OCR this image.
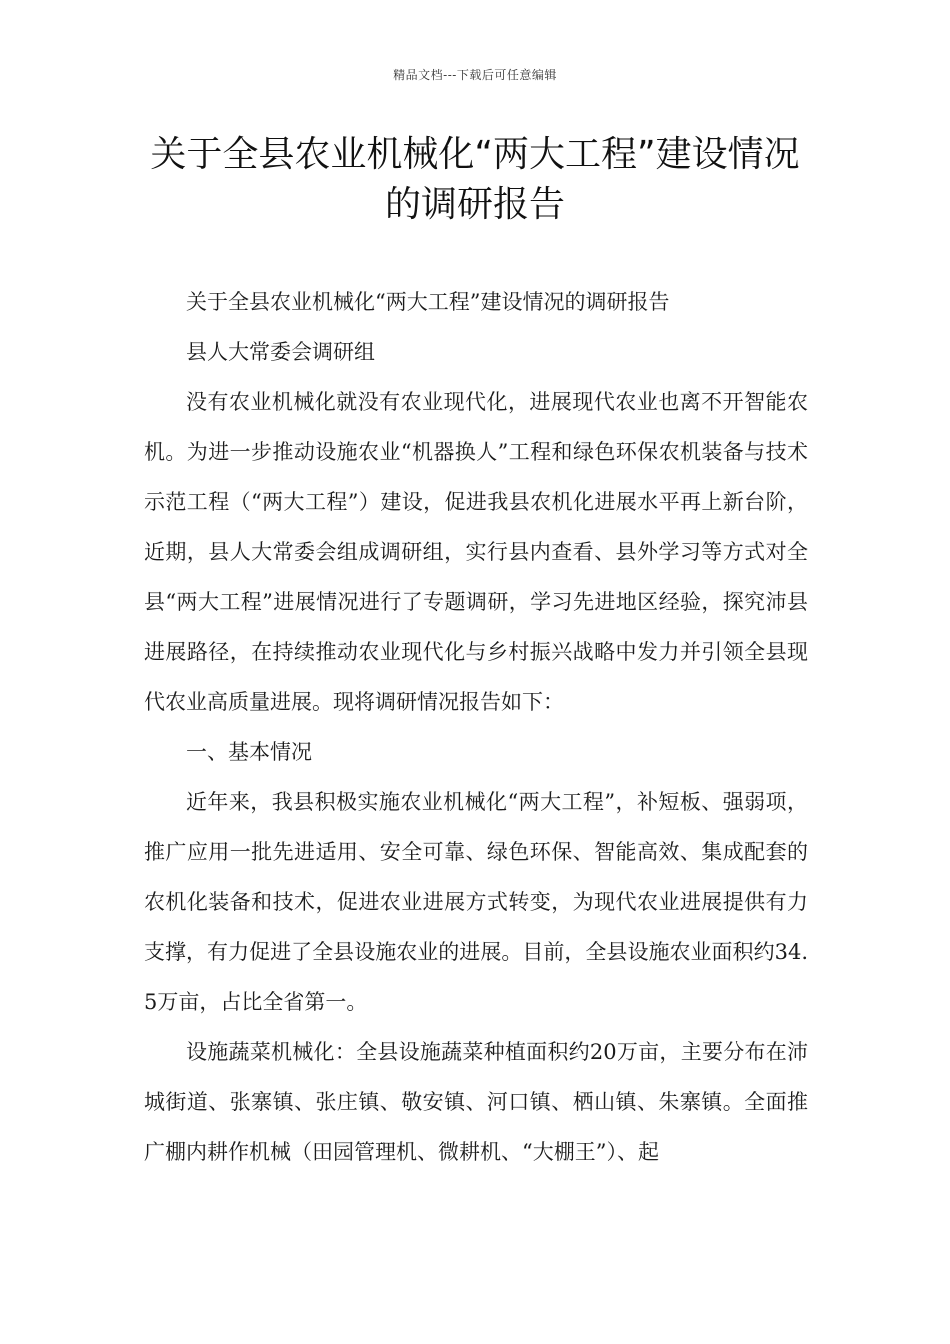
精品文档---下载后可任意编辑
关于全县农业机械化“两大工程”建设情况的调研报告

关于全县农业机械化“两大工程”建设情况的调研报告

县人大常委会调研组

没有农业机械化就没有农业现代化，进展现代农业也离不开智能农机。为进一步推动设施农业“机器换人”工程和绿色环保农机装备与技术示范工程（“两大工程”）建设，促进我县农机化进展水平再上新台阶，近期，县人大常委会组成调研组，实行县内查看、县外学习等方式对全县“两大工程”进展情况进行了专题调研，学习先进地区经验，探究沛县进展路径，在持续推动农业现代化与乡村振兴战略中发力并引领全县现代农业高质量进展。现将调研情况报告如下：

一、基本情况

近年来，我县积极实施农业机械化“两大工程”，补短板、强弱项，推广应用一批先进适用、安全可靠、绿色环保、智能高效、集成配套的农机化装备和技术，促进农业进展方式转变，为现代农业进展提供有力支撑，有力促进了全县设施农业的进展。目前，全县设施农业面积约34.5万亩，占比全省第一。

设施蔬菜机械化：全县设施蔬菜种植面积约20万亩，主要分布在沛城街道、张寨镇、张庄镇、敬安镇、河口镇、栖山镇、朱寨镇。全面推广棚内耕作机械（田园管理机、微耕机、“大棚王”）、起
